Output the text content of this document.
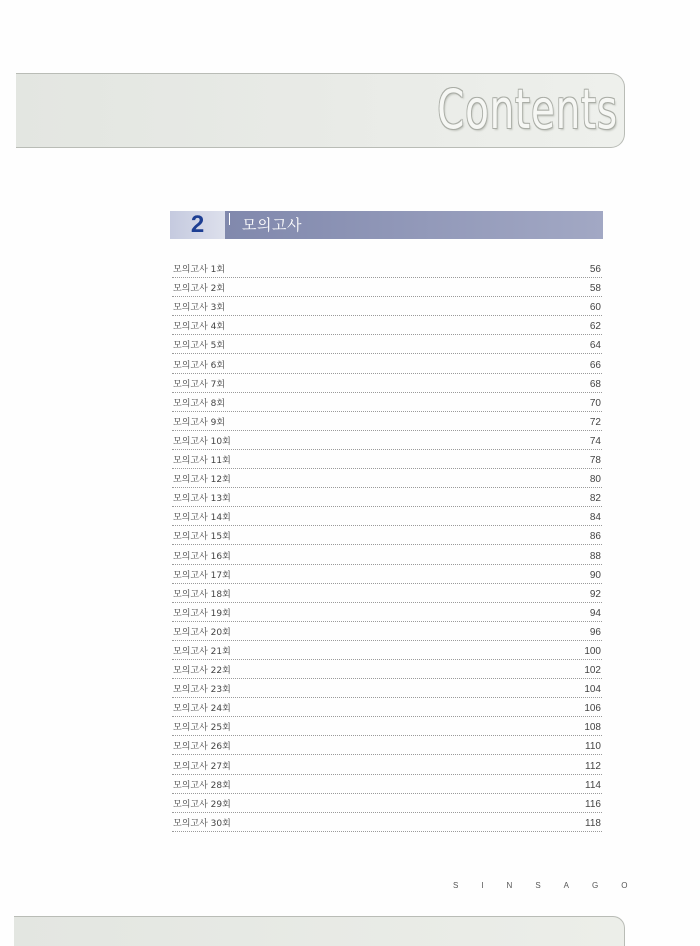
Contents
2	모의고사
모의고사 1회	56
모의고사 2회	58
모의고사 3회	60
모의고사 4회	62
모의고사 5회	64
모의고사 6회	66
모의고사 7회	68
모의고사 8회	70
모의고사 9회	72
모의고사 10회	74
모의고사 11회	78
모의고사 12회	80
모의고사 13회	82
모의고사 14회	84
모의고사 15회	86
모의고사 16회	88
모의고사 17회	90
모의고사 18회	92
모의고사 19회	94
모의고사 20회	96
모의고사 21회	100
모의고사 22회	102
모의고사 23회	104
모의고사 24회	106
모의고사 25회	108
모의고사 26회	110
모의고사 27회	112
모의고사 28회	114
모의고사 29회	116
모의고사 30회	118
SINSAGO
